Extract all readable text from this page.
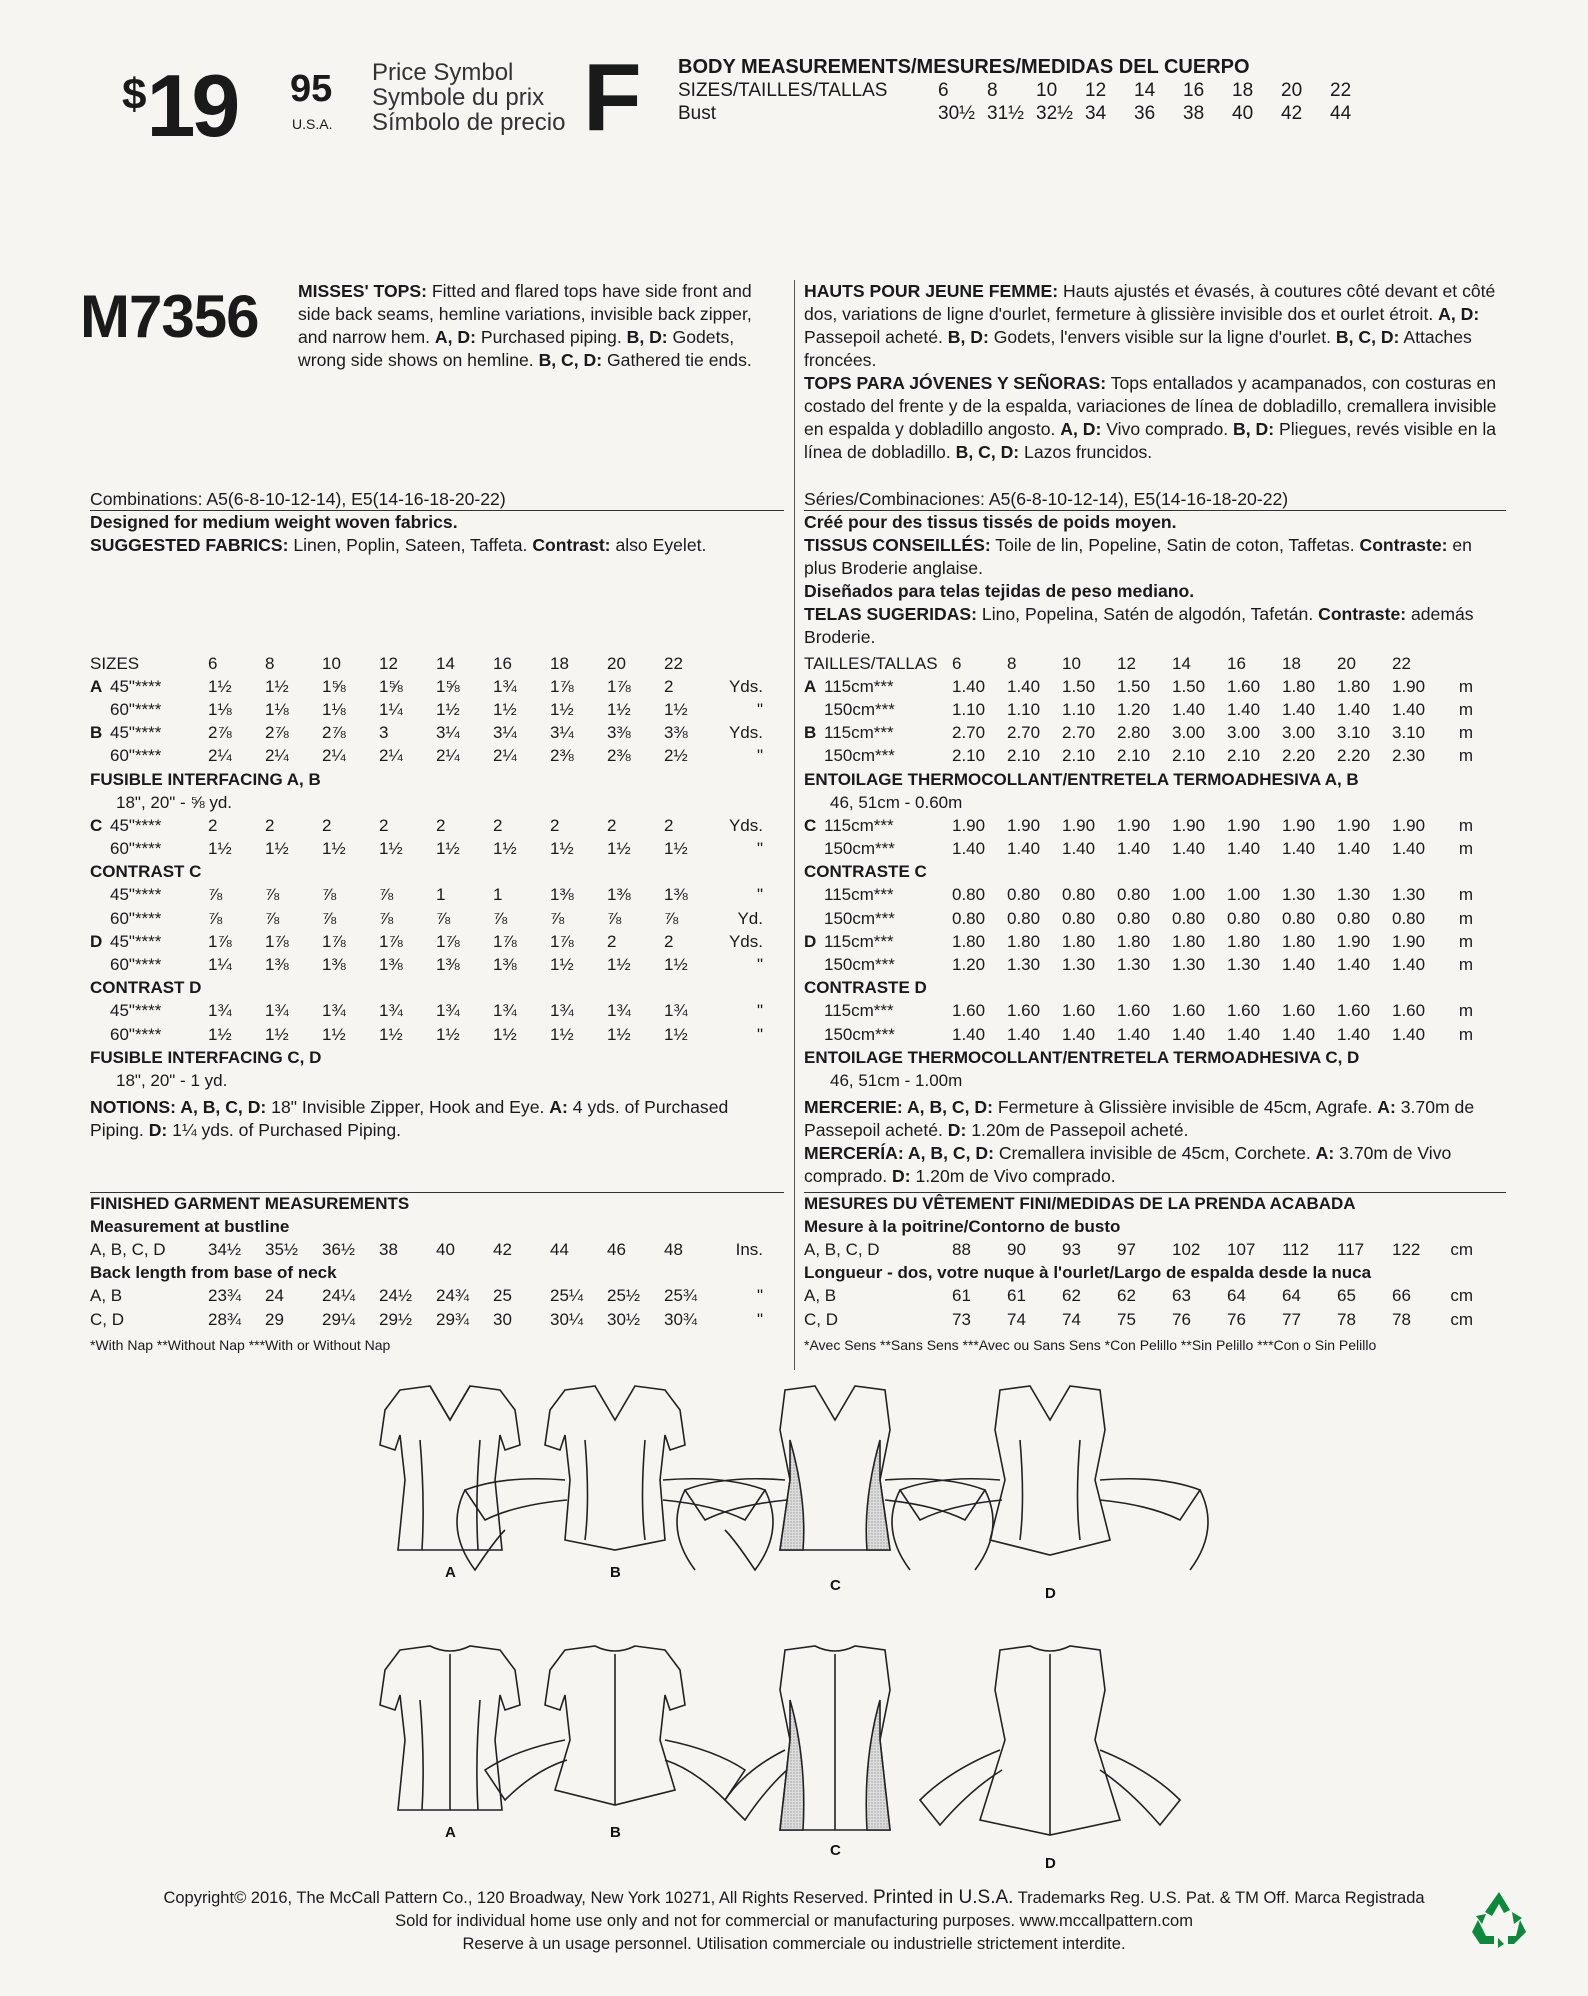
$19 95
U.S.A.
Price Symbol
Symbole du prix
Símbolo de precio F BODY MEASUREMENTS/MESURES/MEDIDAS DEL CUERPO
SIZES/TAILLES/TALLAS	6	8	10	12	14	16	18	20	22
Bust	30½	31½	32½	34	36	38	40	42	44

M7356 MISSES' TOPS: Fitted and flared tops have side front and side back seams, hemline variations, invisible back zipper, and narrow hem. A, D: Purchased piping. B, D: Godets, wrong side shows on hemline. B, C, D: Gathered tie ends.

HAUTS POUR JEUNE FEMME: Hauts ajustés et évasés, à coutures côté devant et côté dos, variations de ligne d'ourlet, fermeture à glissière invisible dos et ourlet étroit. A, D: Passepoil acheté. B, D: Godets, l'envers visible sur la ligne d'ourlet. B, C, D: Attaches froncées.

TOPS PARA JÓVENES Y SEÑORAS: Tops entallados y acampanados, con costuras en costado del frente y de la espalda, variaciones de línea de dobladillo, cremallera invisible en espalda y dobladillo angosto. A, D: Vivo comprado. B, D: Pliegues, revés visible en la línea de dobladillo. B, C, D: Lazos fruncidos.

Combinations: A5(6-8-10-12-14), E5(14-16-18-20-22)

Designed for medium weight woven fabrics.

SUGGESTED FABRICS: Linen, Poplin, Sateen, Taffeta. Contrast: also Eyelet.

Séries/Combinaciones: A5(6-8-10-12-14), E5(14-16-18-20-22)

Créé pour des tissus tissés de poids moyen.

TISSUS CONSEILLÉS: Toile de lin, Popeline, Satin de coton, Taffetas. Contraste: en plus Broderie anglaise.

Diseñados para telas tejidas de peso mediano.

TELAS SUGERIDAS: Lino, Popelina, Satén de algodón, Tafetán. Contraste: además Broderie.

SIZES		6	8	10	12	14	16	18	20	22	
A	45"****	1½	1½	1⅝	1⅝	1⅝	1¾	1⅞	1⅞	2	Yds.
	60"****	1⅛	1⅛	1⅛	1¼	1½	1½	1½	1½	1½	"
B	45"****	2⅞	2⅞	2⅞	3	3¼	3¼	3¼	3⅜	3⅜	Yds.
	60"****	2¼	2¼	2¼	2¼	2¼	2¼	2⅜	2⅜	2½	"
FUSIBLE INTERFACING A, B											
	18", 20" - ⅝ yd.										
C	45"****	2	2	2	2	2	2	2	2	2	Yds.
	60"****	1½	1½	1½	1½	1½	1½	1½	1½	1½	"
CONTRAST C											
	45"****	⅞	⅞	⅞	⅞	1	1	1⅜	1⅜	1⅜	"
	60"****	⅞	⅞	⅞	⅞	⅞	⅞	⅞	⅞	⅞	Yd.
D	45"****	1⅞	1⅞	1⅞	1⅞	1⅞	1⅞	1⅞	2	2	Yds.
	60"****	1¼	1⅜	1⅜	1⅜	1⅜	1⅜	1½	1½	1½	"
CONTRAST D											
	45"****	1¾	1¾	1¾	1¾	1¾	1¾	1¾	1¾	1¾	"
	60"****	1½	1½	1½	1½	1½	1½	1½	1½	1½	"
FUSIBLE INTERFACING C, D											
	18", 20" - 1 yd.										
TAILLES/TALLAS		6	8	10	12	14	16	18	20	22	
A	115cm***	1.40	1.40	1.50	1.50	1.50	1.60	1.80	1.80	1.90	m
	150cm***	1.10	1.10	1.10	1.20	1.40	1.40	1.40	1.40	1.40	m
B	115cm***	2.70	2.70	2.70	2.80	3.00	3.00	3.00	3.10	3.10	m
	150cm***	2.10	2.10	2.10	2.10	2.10	2.10	2.20	2.20	2.30	m
ENTOILAGE THERMOCOLLANT/ENTRETELA TERMOADHESIVA A, B											
	46, 51cm - 0.60m										
C	115cm***	1.90	1.90	1.90	1.90	1.90	1.90	1.90	1.90	1.90	m
	150cm***	1.40	1.40	1.40	1.40	1.40	1.40	1.40	1.40	1.40	m
CONTRASTE C											
	115cm***	0.80	0.80	0.80	0.80	1.00	1.00	1.30	1.30	1.30	m
	150cm***	0.80	0.80	0.80	0.80	0.80	0.80	0.80	0.80	0.80	m
D	115cm***	1.80	1.80	1.80	1.80	1.80	1.80	1.80	1.90	1.90	m
	150cm***	1.20	1.30	1.30	1.30	1.30	1.30	1.40	1.40	1.40	m
CONTRASTE D											
	115cm***	1.60	1.60	1.60	1.60	1.60	1.60	1.60	1.60	1.60	m
	150cm***	1.40	1.40	1.40	1.40	1.40	1.40	1.40	1.40	1.40	m
ENTOILAGE THERMOCOLLANT/ENTRETELA TERMOADHESIVA C, D											
	46, 51cm - 1.00m										

NOTIONS: A, B, C, D: 18" Invisible Zipper, Hook and Eye. A: 4 yds. of Purchased Piping. D: 1¼ yds. of Purchased Piping.

MERCERIE: A, B, C, D: Fermeture à Glissière invisible de 45cm, Agrafe. A: 3.70m de Passepoil acheté. D: 1.20m de Passepoil acheté.

MERCERÍA: A, B, C, D: Cremallera invisible de 45cm, Corchete. A: 3.70m de Vivo comprado. D: 1.20m de Vivo comprado.

FINISHED GARMENT MEASUREMENTS										
Measurement at bustline										
A, B, C, D	34½	35½	36½	38	40	42	44	46	48	Ins.
Back length from base of neck										
A, B	23¾	24	24¼	24½	24¾	25	25¼	25½	25¾	"
C, D	28¾	29	29¼	29½	29¾	30	30¼	30½	30¾	"
*With Nap **Without Nap ***With or Without Nap
MESURES DU VÊTEMENT FINI/MEDIDAS DE LA PRENDA ACABADA										
Mesure à la poitrine/Contorno de busto										
A, B, C, D	88	90	93	97	102	107	112	117	122	cm
Longueur - dos, votre nuque à l'ourlet/Largo de espalda desde la nuca										
A, B	61	61	62	62	63	64	64	65	66	cm
C, D	73	74	74	75	76	76	77	78	78	cm
*Avec Sens **Sans Sens ***Avec ou Sans Sens *Con Pelillo **Sin Pelillo ***Con o Sin Pelillo
A	B
C	D
A	B
C
D
Copyright© 2016, The McCall Pattern Co., 120 Broadway, New York 10271, All Rights Reserved. Printed in U.S.A. Trademarks Reg. U.S. Pat. & TM Off. Marca Registrada
Sold for individual home use only and not for commercial or manufacturing purposes. www.mccallpattern.com
Reserve à un usage personnel. Utilisation commerciale ou industrielle strictement interdite.
